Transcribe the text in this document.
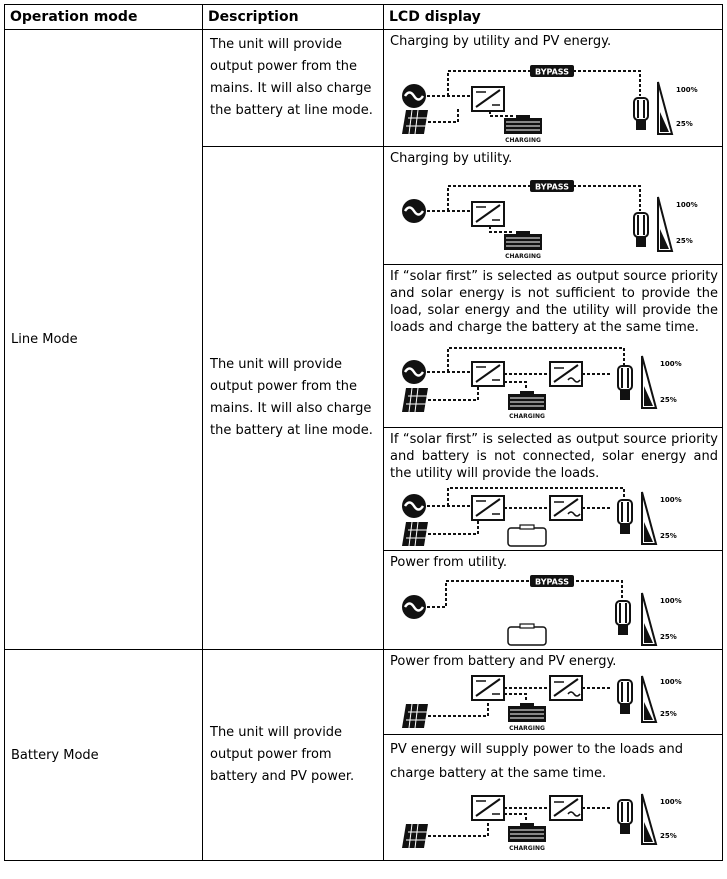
Operation mode	Description	LCD display
Line Mode	The unit will provide output power from the mains. It will also charge the battery at line mode.	Charging by utility and PV energy.
BYPASS
CHARGING
100%
25%

	The unit will provide output power from the mains. It will also charge the battery at line mode.	Charging by utility.
BYPASS
CHARGING
100%
25%

		If “solar first” is selected as output source priority and solar energy is not sufficient to provide the load, solar energy and the utility will provide the loads and charge the battery at the same time.
CHARGING
100%
25%

		If “solar first” is selected as output source priority and battery is not connected, solar energy and the utility will provide the loads.
100%
25%

		Power from utility.
BYPASS
100%
25%

Battery Mode	The unit will provide output power from battery and PV power.	Power from battery and PV energy.
CHARGING
100%
25%

		PV energy will supply power to the loads and charge battery at the same time.
CHARGING
100%
25%
